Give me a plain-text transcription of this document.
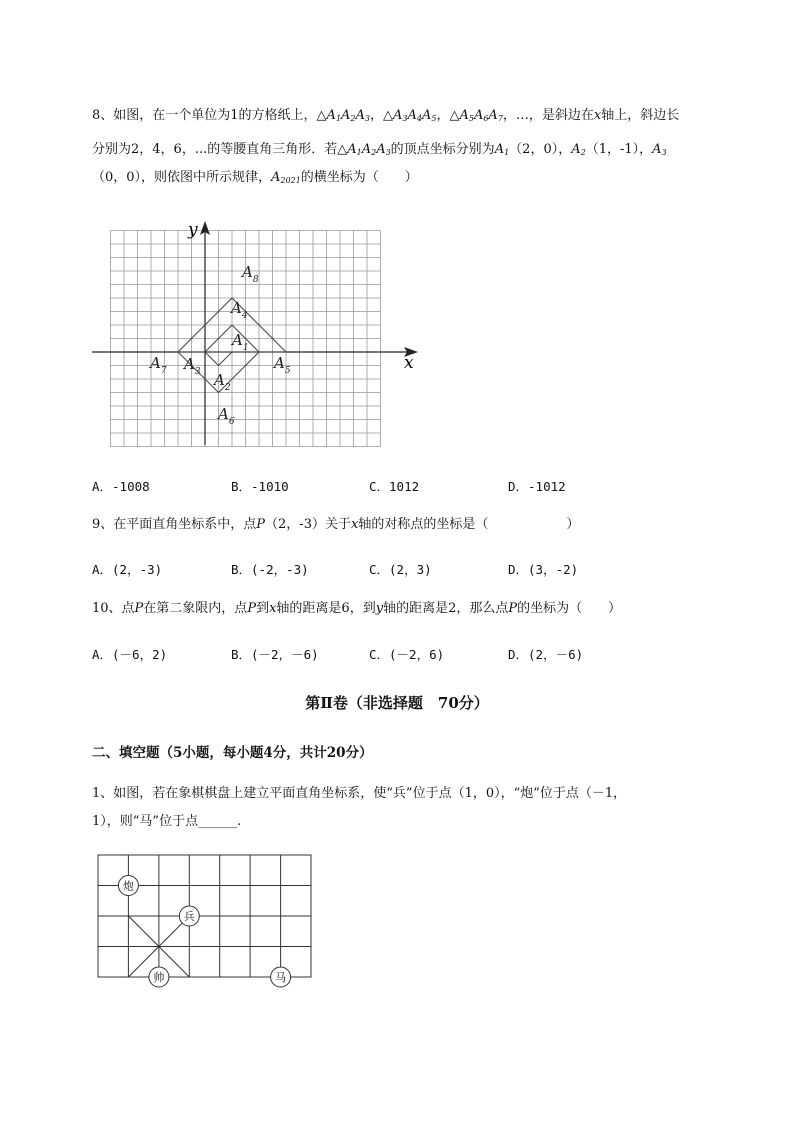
8、如图，在一个单位为1的方格纸上，$\triangle A_1A_2A_3$，$\triangle A_3A_4A_5$，$\triangle A_5A_6A_7$，…，是斜边在x轴上，斜边长
分别为2，4，6，...的等腰直角三角形．若$\triangle A_1A_2A_3$的顶点坐标分别为$A_1(2$，0），$A_2(1$，-1），$A_3$
（0，0），则依图中所示规律，$A_{2021}$的横坐标为（　　）
x
y
$A_8$
$A_4$
$A_1$
$A_7$ $A_3$ $A_2$
$A_5$
$A_6$
A．-1008	B．-1010	C．1012	D．-1012
9、在平面直角坐标系中，点P（2，-3）关于x轴的对称点的坐标是（　　　　　　）
A．(2，-3)	B．(-2，-3)	C．(2，3)	D．(3，-2)
10、点P在第二象限内，点P到x轴的距离是6，到y轴的距离是2，那么点P的坐标为（　　）
A．(－6，2)	B．(－2，－6)	C．(－2，6)	D．(2，－6)
第Ⅱ卷（非选择题　70分）
二、填空题（5小题，每小题4分，共计20分）
1、如图，若在象棋棋盘上建立平面直角坐标系，使“兵”位于点（1，0），“炮”位于点（－1，
1），则“马”位于点______.
炮
兵
帅	马
